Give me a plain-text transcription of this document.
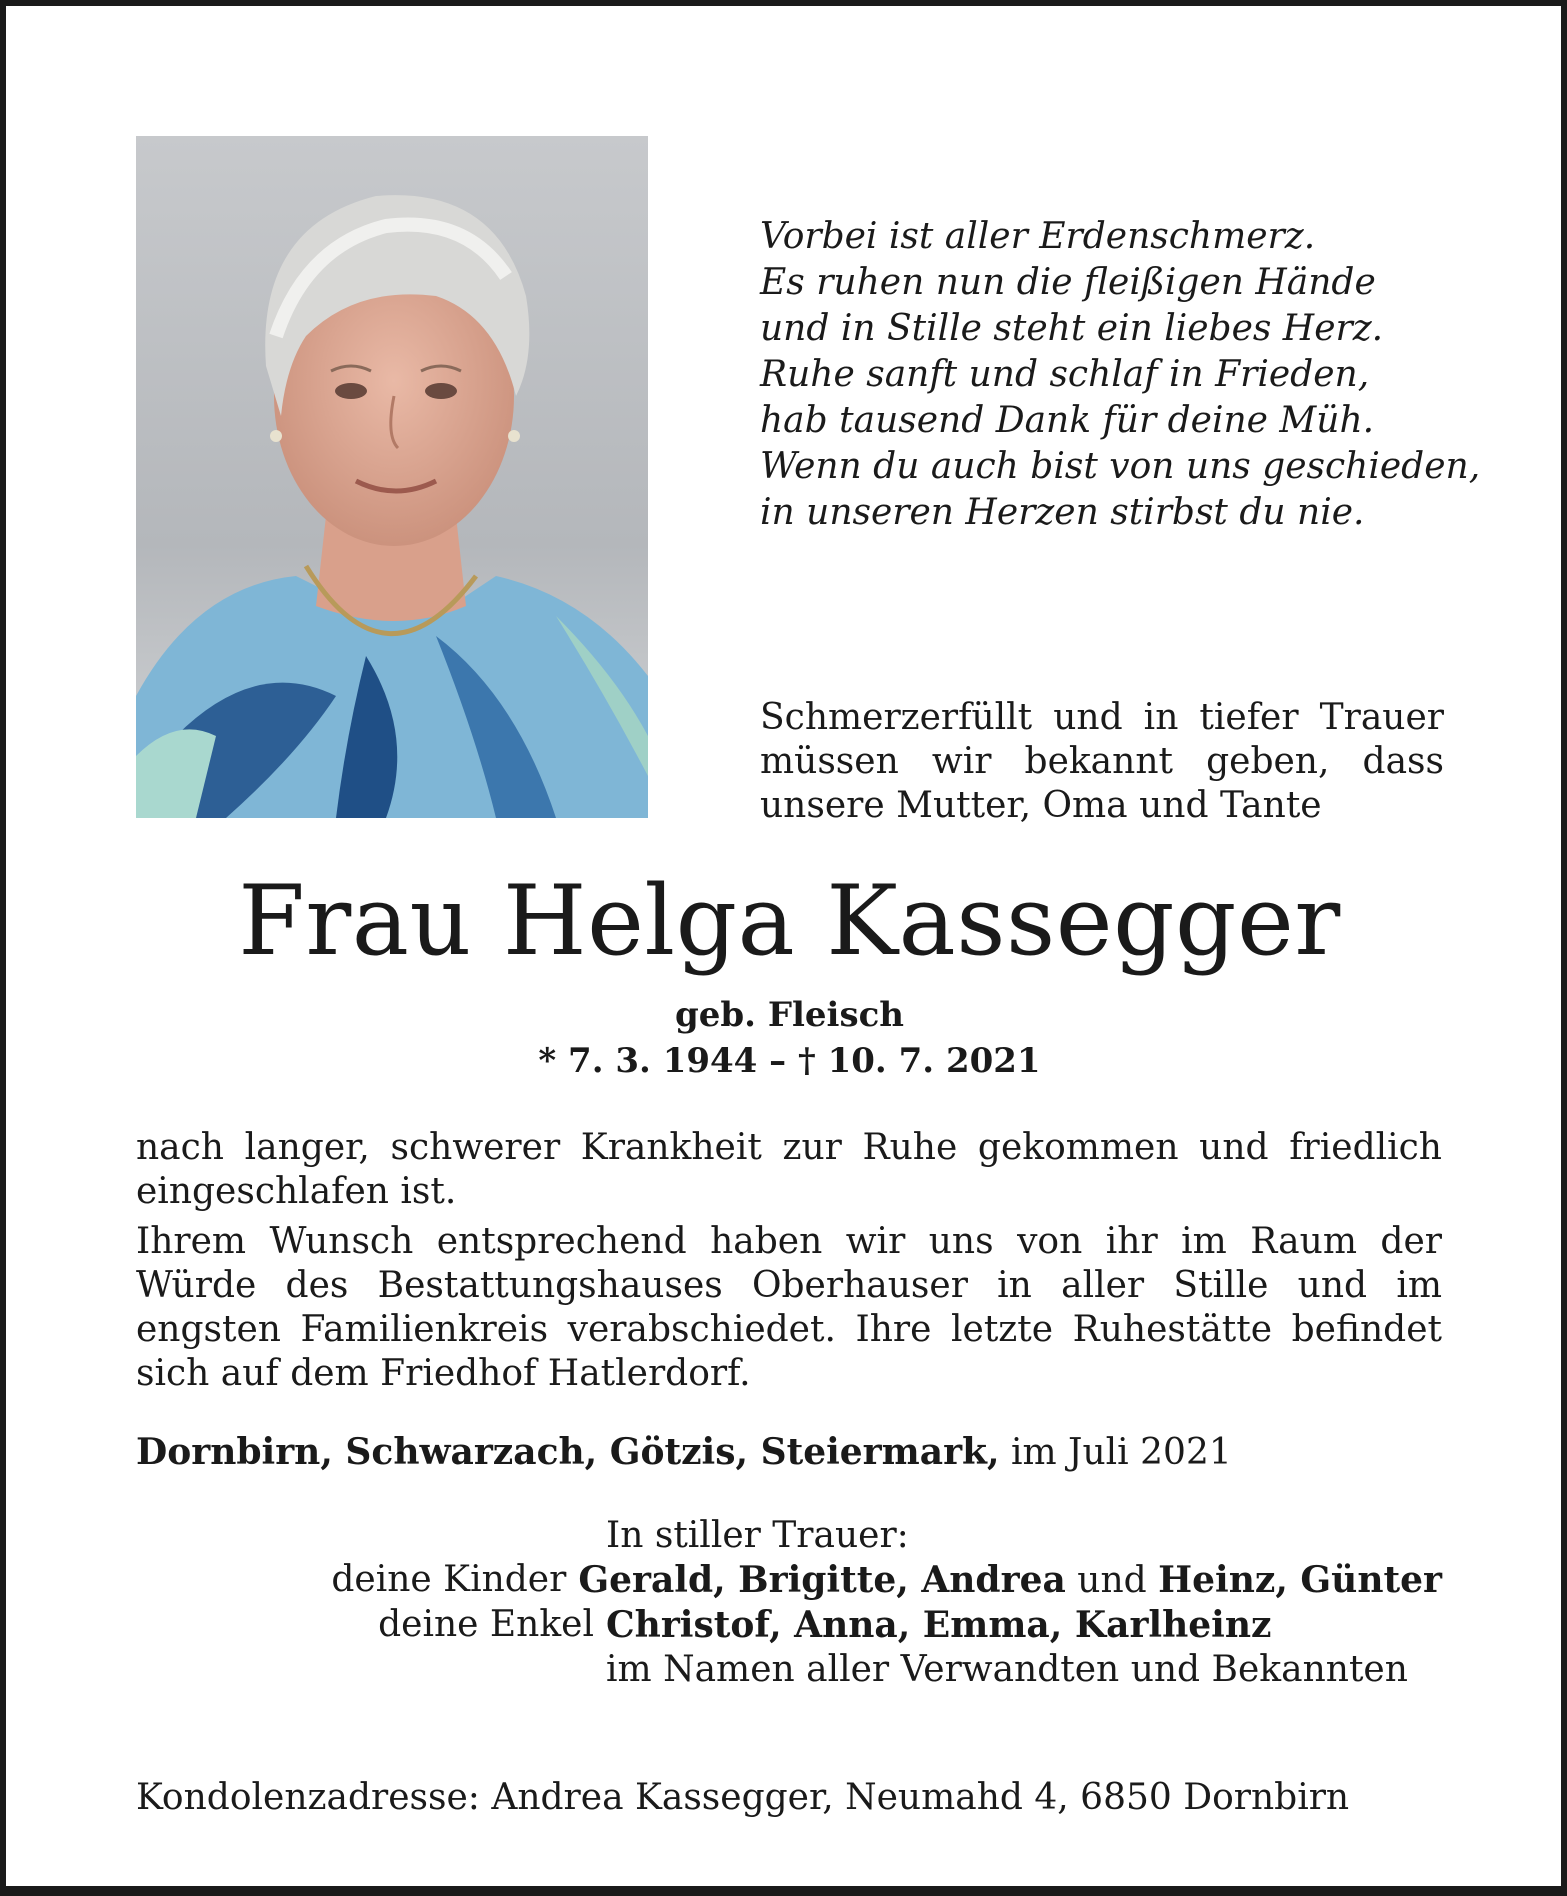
Vorbei ist aller Erdenschmerz.
Es ruhen nun die fleißigen Hände
und in Stille steht ein liebes Herz.
Ruhe sanft und schlaf in Frieden,
hab tausend Dank für deine Müh.
Wenn du auch bist von uns geschieden,
in unseren Herzen stirbst du nie.
Schmerzerfüllt und in tiefer Trauer müssen wir bekannt geben, dass unsere Mutter, Oma und Tante
Frau Helga Kassegger
geb. Fleisch
* 7. 3. 1944 – † 10. 7. 2021

nach langer, schwerer Krankheit zur Ruhe gekommen und friedlich eingeschlafen ist.

Ihrem Wunsch entsprechend haben wir uns von ihr im Raum der Würde des Bestattungshauses Oberhauser in aller Stille und im engsten Familienkreis verabschiedet. Ihre letzte Ruhestätte befindet sich auf dem Friedhof Hatlerdorf.

Dornbirn, Schwarzach, Götzis, Steiermark, im Juli 2021
In stiller Trauer:
deine Kinder Gerald, Brigitte, Andrea und Heinz, Günter
deine Enkel Christof, Anna, Emma, Karlheinz
im Namen aller Verwandten und Bekannten
Kondolenzadresse: Andrea Kassegger, Neumahd 4, 6850 Dornbirn
